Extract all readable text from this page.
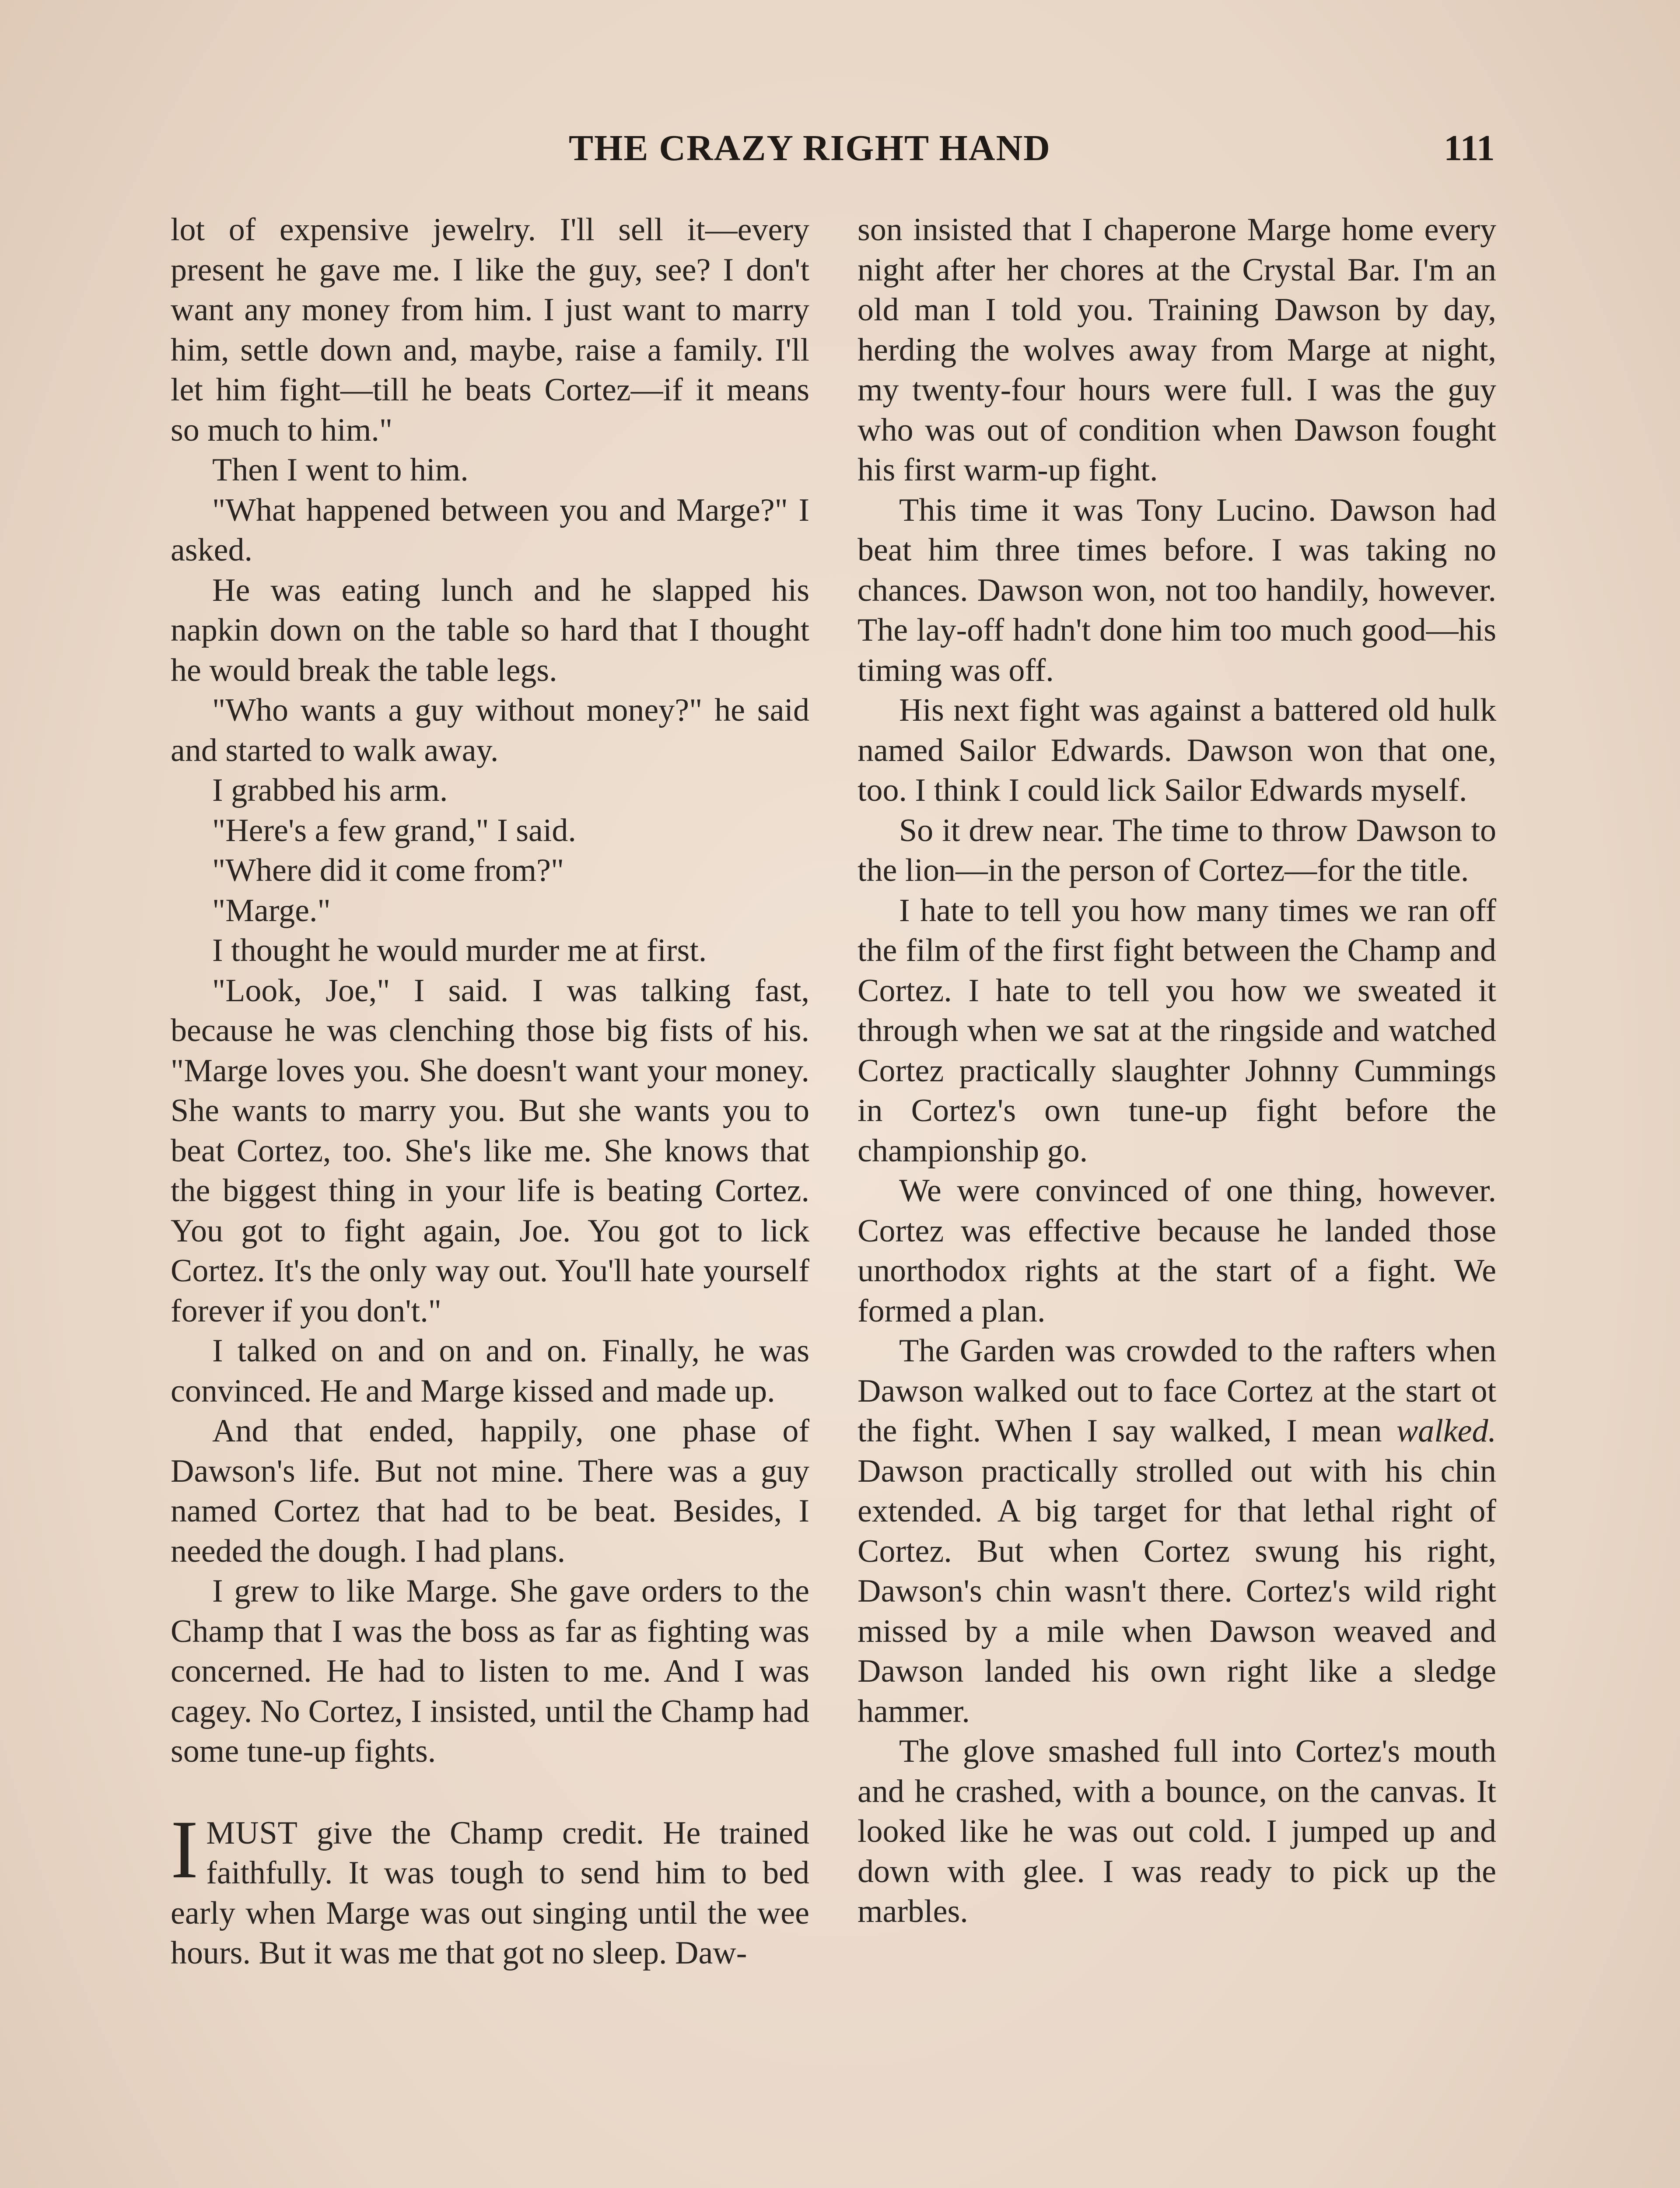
THE CRAZY RIGHT HAND	111

lot of expensive jewelry. I'll sell it—every present he gave me. I like the guy, see? I don't want any money from him. I just want to marry him, settle down and, maybe, raise a family. I'll let him fight—till he beats Cortez—if it means so much to him."

Then I went to him.

"What happened between you and Marge?" I asked.

He was eating lunch and he slapped his napkin down on the table so hard that I thought he would break the table legs.

"Who wants a guy without money?" he said and started to walk away.

I grabbed his arm.

"Here's a few grand," I said.

"Where did it come from?"

"Marge."

I thought he would murder me at first.

"Look, Joe," I said. I was talking fast, because he was clenching those big fists of his. "Marge loves you. She doesn't want your money. She wants to marry you. But she wants you to beat Cortez, too. She's like me. She knows that the biggest thing in your life is beating Cortez. You got to fight again, Joe. You got to lick Cortez. It's the only way out. You'll hate yourself forever if you don't."

I talked on and on and on. Finally, he was convinced. He and Marge kissed and made up.

And that ended, happily, one phase of Dawson's life. But not mine. There was a guy named Cortez that had to be beat. Besides, I needed the dough. I had plans.

I grew to like Marge. She gave orders to the Champ that I was the boss as far as fighting was concerned. He had to listen to me. And I was cagey. No Cortez, I insisted, until the Champ had some tune-up fights.

IMUST give the Champ credit. He trained faithfully. It was tough to send him to bed early when Marge was out singing until the wee hours. But it was me that got no sleep. Daw-

son insisted that I chaperone Marge home every night after her chores at the Crystal Bar. I'm an old man I told you. Training Dawson by day, herding the wolves away from Marge at night, my twenty-four hours were full. I was the guy who was out of condition when Dawson fought his first warm-up fight.

This time it was Tony Lucino. Dawson had beat him three times before. I was taking no chances. Dawson won, not too handily, however. The lay-off hadn't done him too much good—his timing was off.

His next fight was against a battered old hulk named Sailor Edwards. Dawson won that one, too. I think I could lick Sailor Edwards myself.

So it drew near. The time to throw Dawson to the lion—in the person of Cortez—for the title.

I hate to tell you how many times we ran off the film of the first fight between the Champ and Cortez. I hate to tell you how we sweated it through when we sat at the ringside and watched Cortez practically slaughter Johnny Cummings in Cortez's own tune-up fight before the championship go.

We were convinced of one thing, however. Cortez was effective because he landed those unorthodox rights at the start of a fight. We formed a plan.

The Garden was crowded to the rafters when Dawson walked out to face Cortez at the start ot the fight. When I say walked, I mean walked. Dawson practically strolled out with his chin extended. A big target for that lethal right of Cortez. But when Cortez swung his right, Dawson's chin wasn't there. Cortez's wild right missed by a mile when Dawson weaved and Dawson landed his own right like a sledge hammer.

The glove smashed full into Cortez's mouth and he crashed, with a bounce, on the canvas. It looked like he was out cold. I jumped up and down with glee. I was ready to pick up the marbles.
